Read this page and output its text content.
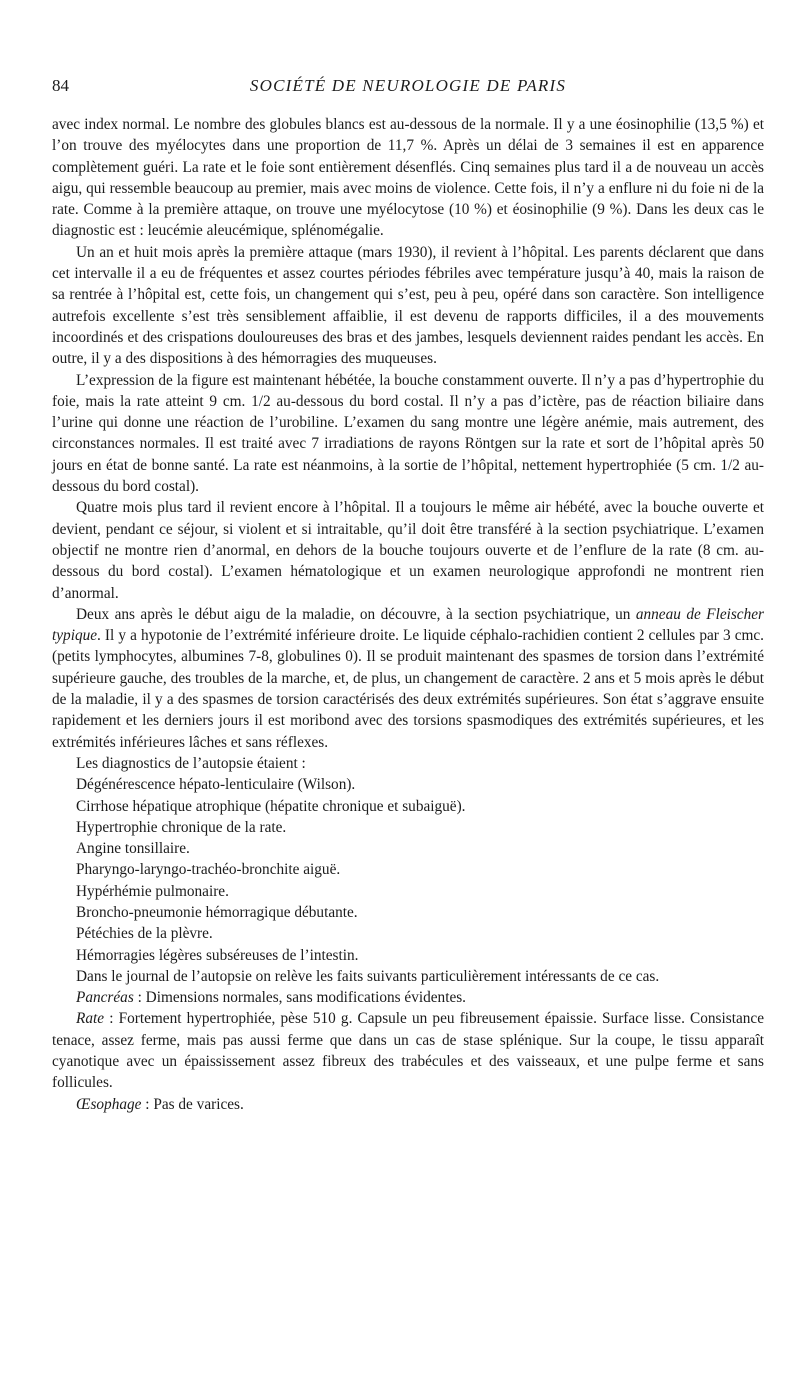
84	SOCIÉTÉ DE NEUROLOGIE DE PARIS

avec index normal. Le nombre des globules blancs est au-dessous de la normale. Il y a une éosinophilie (13,5 %) et l’on trouve des myélocytes dans une proportion de 11,7 %. Après un délai de 3 semaines il est en apparence complètement guéri. La rate et le foie sont entièrement désenflés. Cinq semaines plus tard il a de nouveau un accès aigu, qui ressemble beaucoup au premier, mais avec moins de violence. Cette fois, il n’y a enflure ni du foie ni de la rate. Comme à la première attaque, on trouve une myélocytose (10 %) et éosinophilie (9 %). Dans les deux cas le diagnostic est : leucémie aleucémique, splénomégalie.

Un an et huit mois après la première attaque (mars 1930), il revient à l’hôpital. Les parents déclarent que dans cet intervalle il a eu de fréquentes et assez courtes périodes fébriles avec température jusqu’à 40, mais la raison de sa rentrée à l’hôpital est, cette fois, un changement qui s’est, peu à peu, opéré dans son caractère. Son intelligence autrefois excellente s’est très sensiblement affaiblie, il est devenu de rapports difficiles, il a des mouvements incoordinés et des crispations douloureuses des bras et des jambes, lesquels deviennent raides pendant les accès. En outre, il y a des dispositions à des hémorragies des muqueuses.

L’expression de la figure est maintenant hébétée, la bouche constamment ouverte. Il n’y a pas d’hypertrophie du foie, mais la rate atteint 9 cm. 1/2 au-dessous du bord costal. Il n’y a pas d’ictère, pas de réaction biliaire dans l’urine qui donne une réaction de l’urobiline. L’examen du sang montre une légère anémie, mais autrement, des circonstances normales. Il est traité avec 7 irradiations de rayons Röntgen sur la rate et sort de l’hôpital après 50 jours en état de bonne santé. La rate est néanmoins, à la sortie de l’hôpital, nettement hypertrophiée (5 cm. 1/2 au-dessous du bord costal).

Quatre mois plus tard il revient encore à l’hôpital. Il a toujours le même air hébété, avec la bouche ouverte et devient, pendant ce séjour, si violent et si intraitable, qu’il doit être transféré à la section psychiatrique. L’examen objectif ne montre rien d’anormal, en dehors de la bouche toujours ouverte et de l’enflure de la rate (8 cm. au-dessous du bord costal). L’examen hématologique et un examen neurologique approfondi ne montrent rien d’anormal.

Deux ans après le début aigu de la maladie, on découvre, à la section psychiatrique, un anneau de Fleischer typique. Il y a hypotonie de l’extrémité inférieure droite. Le liquide céphalo-rachidien contient 2 cellules par 3 cmc. (petits lymphocytes, albumines 7-8, globulines 0). Il se produit maintenant des spasmes de torsion dans l’extrémité supérieure gauche, des troubles de la marche, et, de plus, un changement de caractère. 2 ans et 5 mois après le début de la maladie, il y a des spasmes de torsion caractérisés des deux extrémités supérieures. Son état s’aggrave ensuite rapidement et les derniers jours il est moribond avec des torsions spasmodiques des extrémités supérieures, et les extrémités inférieures lâches et sans réflexes.

Les diagnostics de l’autopsie étaient :

Dégénérescence hépato-lenticulaire (Wilson).
Cirrhose hépatique atrophique (hépatite chronique et subaiguë).
Hypertrophie chronique de la rate.
Angine tonsillaire.
Pharyngo-laryngo-trachéo-bronchite aiguë.
Hypérhémie pulmonaire.
Broncho-pneumonie hémorragique débutante.
Pétéchies de la plèvre.
Hémorragies légères subséreuses de l’intestin.

Dans le journal de l’autopsie on relève les faits suivants particulièrement intéressants de ce cas.

Pancréas : Dimensions normales, sans modifications évidentes.

Rate : Fortement hypertrophiée, pèse 510 g. Capsule un peu fibreusement épaissie. Surface lisse. Consistance tenace, assez ferme, mais pas aussi ferme que dans un cas de stase splénique. Sur la coupe, le tissu apparaît cyanotique avec un épaississement assez fibreux des trabécules et des vaisseaux, et une pulpe ferme et sans follicules.

Œsophage : Pas de varices.
